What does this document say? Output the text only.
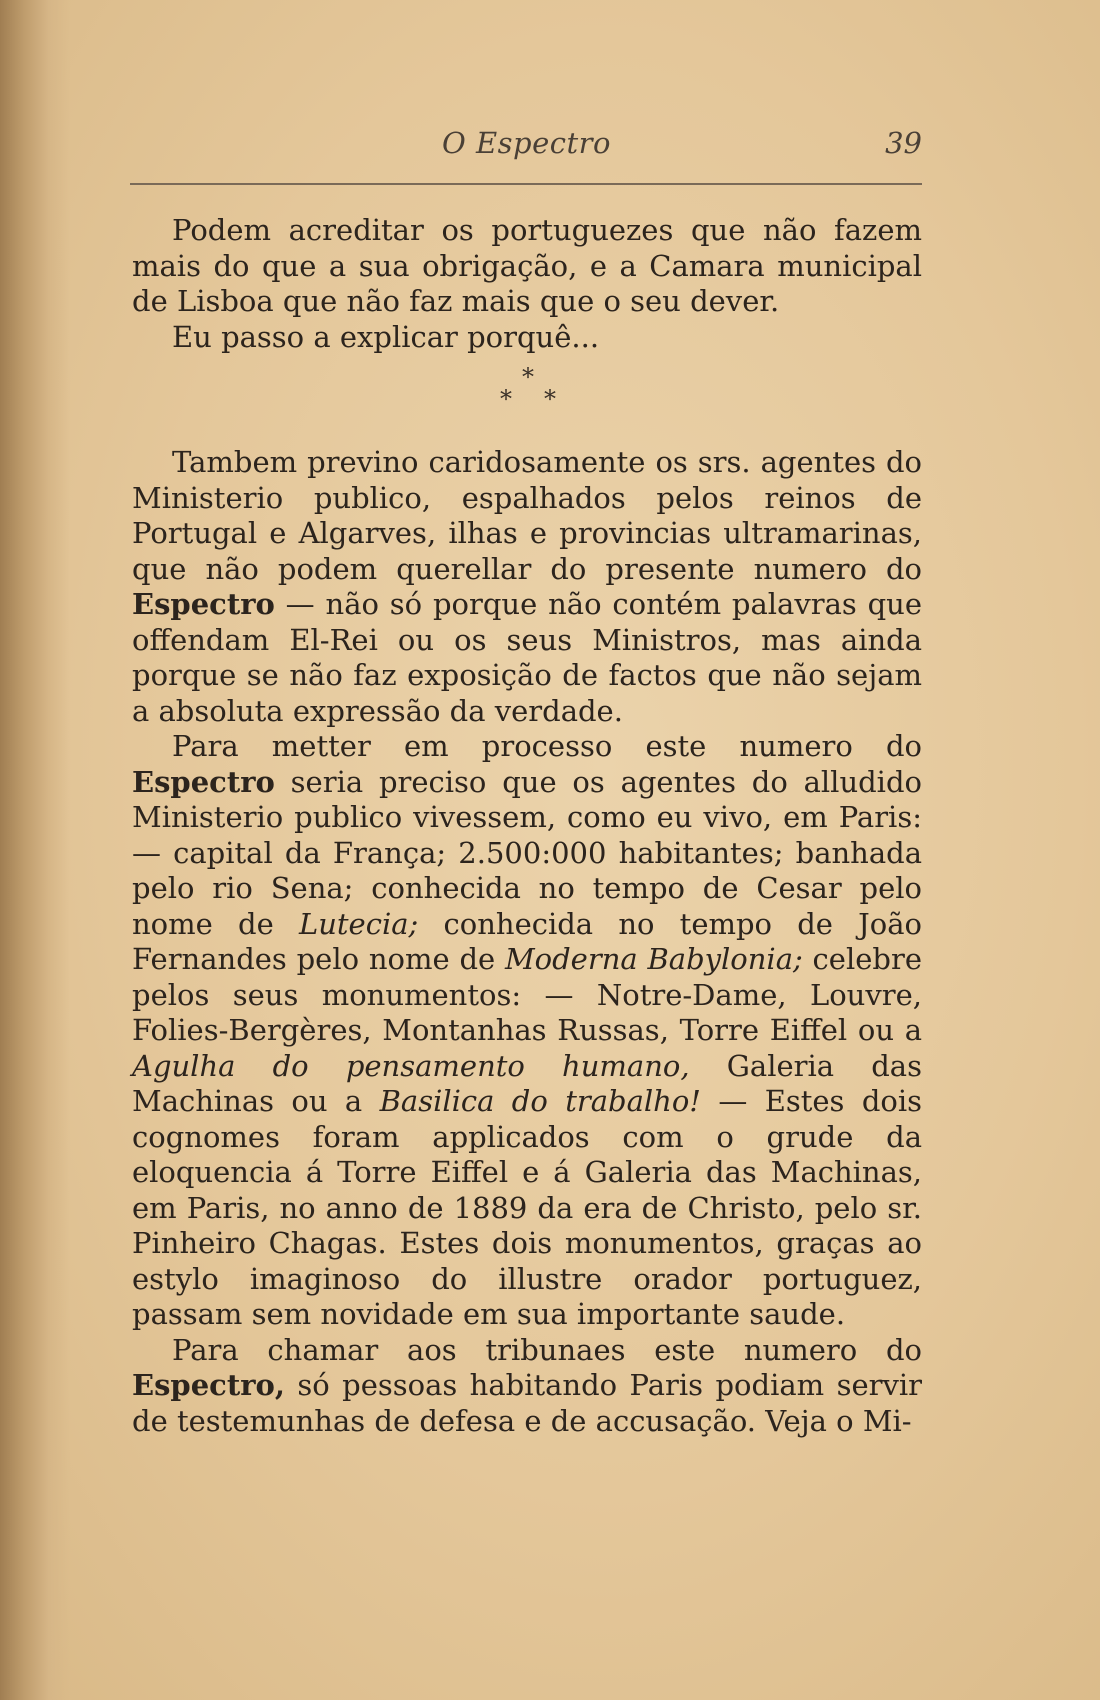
O Espectro	39

Podem acreditar os portuguezes que não fazem mais do que a sua obrigação, e a Camara municipal de Lisboa que não faz mais que o seu dever.

Eu passo a explicar porquê...

*
* *

Tambem previno caridosamente os srs. agentes do Ministerio publico, espalhados pelos reinos de Portugal e Algarves, ilhas e provincias ultramarinas, que não podem querellar do presente numero do Espectro — não só porque não contém palavras que offendam El-Rei ou os seus Ministros, mas ainda porque se não faz exposição de factos que não sejam a absoluta expressão da verdade.

Para metter em processo este numero do Espectro seria preciso que os agentes do alludido Ministerio publico vivessem, como eu vivo, em Paris: — capital da França; 2.500:000 habitantes; banhada pelo rio Sena; conhecida no tempo de Cesar pelo nome de Lutecia; conhecida no tempo de João Fernandes pelo nome de Moderna Babylonia; celebre pelos seus monumentos: — Notre-Dame, Louvre, Folies-Bergères, Montanhas Russas, Torre Eiffel ou a Agulha do pensamento humano, Galeria das Machinas ou a Basilica do trabalho! — Estes dois cognomes foram applicados com o grude da eloquencia á Torre Eiffel e á Galeria das Machinas, em Paris, no anno de 1889 da era de Christo, pelo sr. Pinheiro Chagas. Estes dois monumentos, graças ao estylo imaginoso do illustre orador portuguez, passam sem novidade em sua importante saude.

Para chamar aos tribunaes este numero do Espectro, só pessoas habitando Paris podiam servir de testemunhas de defesa e de accusação. Veja o Mi-
